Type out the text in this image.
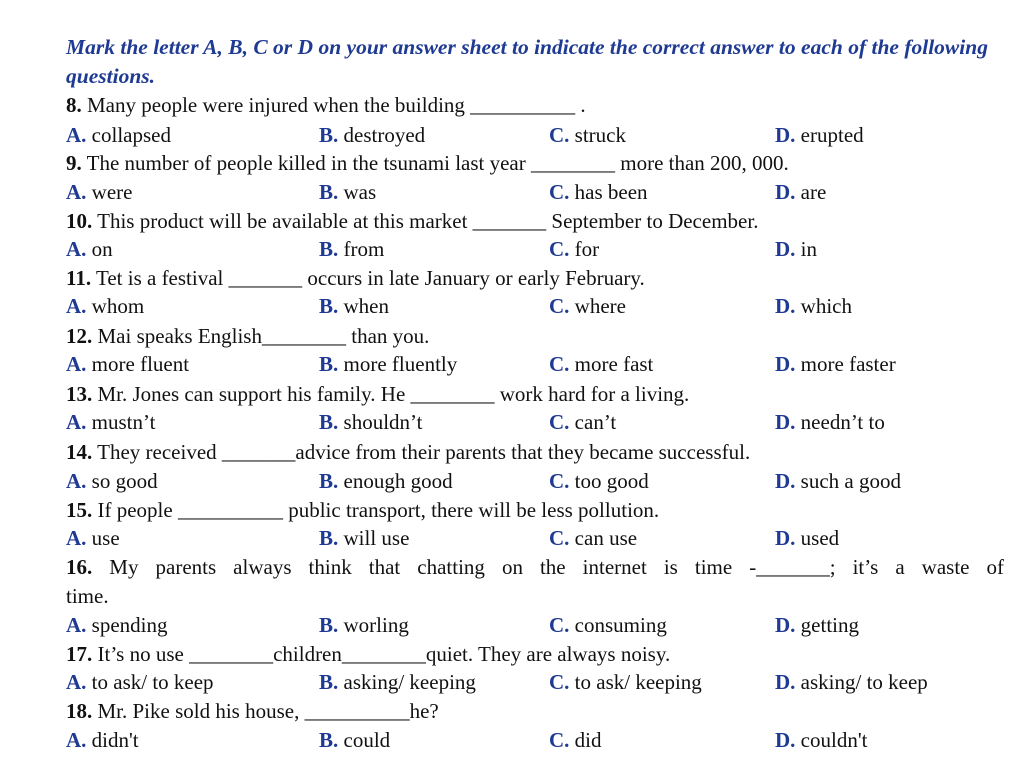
Mark the letter A, B, C or D on your answer sheet to indicate the correct answer to each of the following questions.
8. Many people were injured when the building __________ .
A. collapsed	B. destroyed	C. struck	D. erupted
9. The number of people killed in the tsunami last year ________ more than 200, 000.
A. were	B. was	C. has been	D. are
10. This product will be available at this market _______ September to December.
A. on	B. from	C. for	D. in
11. Tet is a festival _______ occurs in late January or early February.
A. whom	B. when	C. where	D. which
12. Mai speaks English________ than you.
A. more fluent	B. more fluently	C. more fast	D. more faster
13. Mr. Jones can support his family. He ________ work hard for a living.
A. mustn’t	B. shouldn’t	C. can’t	D. needn’t to
14. They received _______advice from their parents that they became successful.
A. so good	B. enough good	C. too good	D. such a good
15. If people __________ public transport, there will be less pollution.
A. use	B. will use	C. can use	D. used
16. My parents always think that chatting on the internet is time -_______; it’s a waste of
time.
A. spending	B. worling	C. consuming	D. getting
17. It’s no use ________children________quiet. They are always noisy.
A. to ask/ to keep	B. asking/ keeping	C. to ask/ keeping	D. asking/ to keep
18. Mr. Pike sold his house, __________he?
A. didn't	B. could	C. did	D. couldn't
